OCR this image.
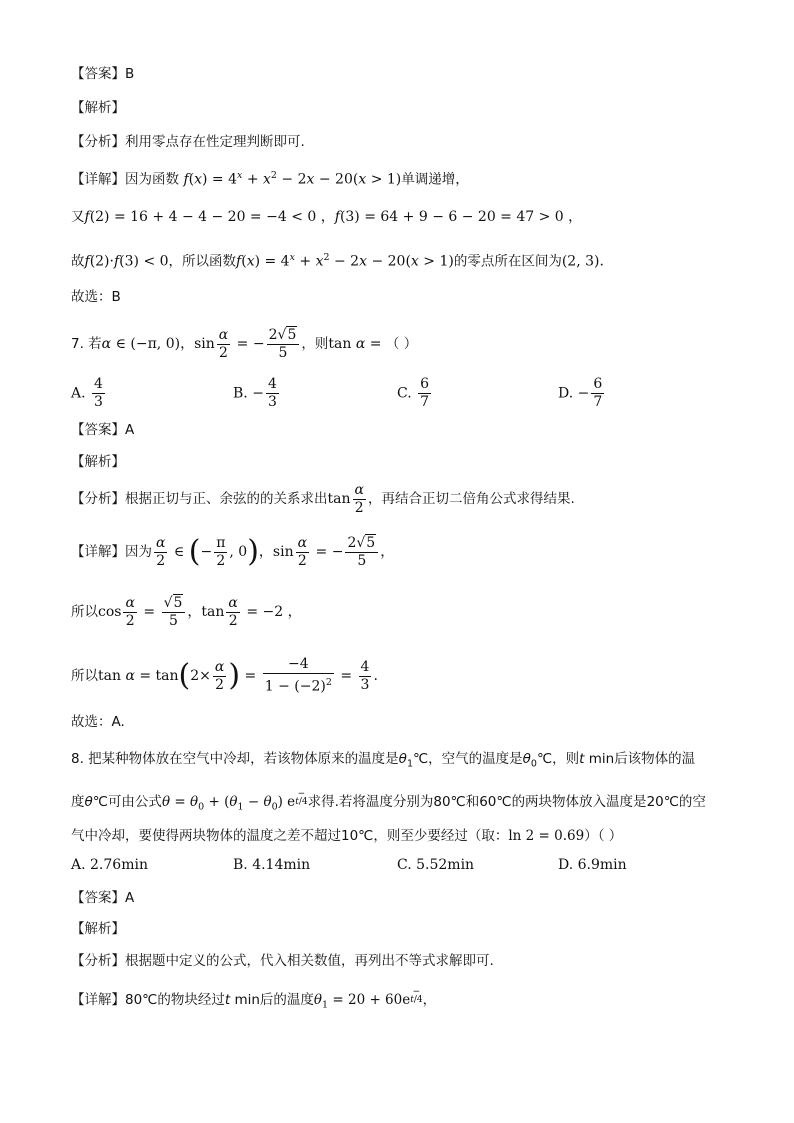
【答案】B
【解析】
【分析】利用零点存在性定理判断即可.
【详解】因为函数 $f(x) = 4^x + x^2 - 2x - 20(x > 1)$单调递增，
又f(2) = 16 + 4 − 4 − 20 = −4 < 0 ，f(3) = 64 + 9 − 6 − 20 = 47 > 0 ，
故f(2)·f(3) < 0，所以函数$f(x) = 4^x + x^2 - 2x - 20(x > 1)$的零点所在区间为(2, 3).
故选：B
7. 若α ∈ (−π, 0)，$\sin \frac{\alpha}{2}$ = − $\frac{2√5}{5}$ ，则tan α = （ ）
A. $\frac{4}{3}$	B. − $\frac{4}{3}$	C. $\frac{6}{7}$	D. − $\frac{6}{7}$
【答案】A
【解析】
【分析】根据正切与正、余弦的的关系求出$\tan \frac{\alpha}{2}$ ，再结合正切二倍角公式求得结果.
【详解】因为 $\frac{\alpha}{2}$ ∈ (− $\frac{\pi}{2}$ , 0)，$\sin \frac{\alpha}{2}$ = − $\frac{2√5}{5}$ ，
所以$\cos \frac{\alpha}{2} = \frac{√5}{5}$ ，$\tan \frac{\alpha}{2} = -2$ ，
所以$\tan \alpha = \tan(2\times \frac{\alpha}{2}$ ) = $\frac{-4}{1 - (-2)^2} = \frac{4}{3}$ .
故选：A.
8. 把某种物体放在空气中冷却，若该物体原来的温度是$\theta_1℃$，空气的温度是$\theta_0℃$，则t min后该物体的温
度θ℃可由公式$\theta = \theta_0 + (\theta_1 - \theta_0) e$ −
t/4 求得.若将温度分别为80℃和60℃的两块物体放入温度是20℃的空
气中冷却，要使得两块物体的温度之差不超过10℃，则至少要经过（取：ln 2 = 0.69）（ ）
A. 2.76min	B. 4.14min	C. 5.52min	D. 6.9min
【答案】A
【解析】
【分析】根据题中定义的公式，代入相关数值，再列出不等式求解即可.
【详解】80℃的物块经过t min后的温度$\theta_1 = 20 + 60e$ −
t/4 ，
